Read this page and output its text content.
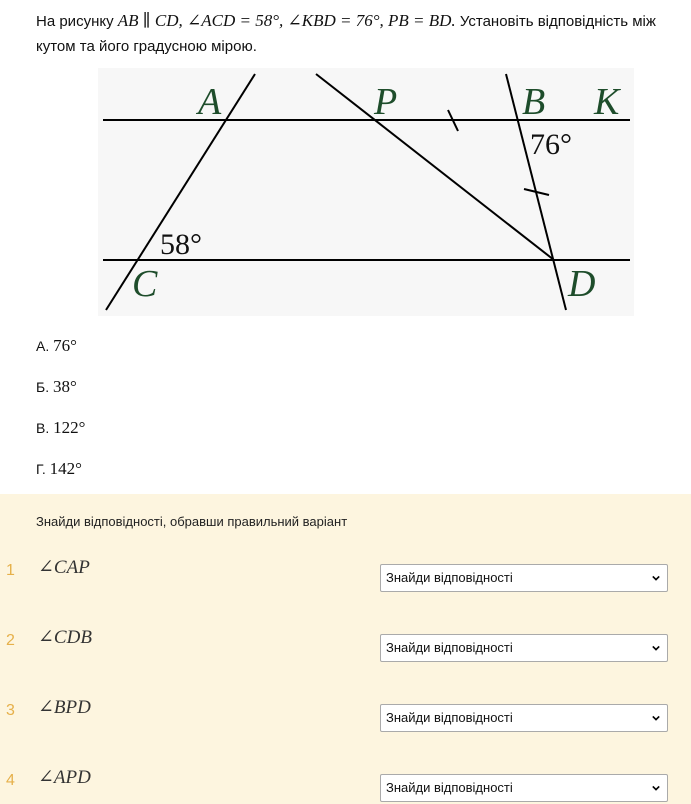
На рисунку AB ∥ CD, ∠ACD = 58°, ∠KBD = 76°, PB = BD. Установіть відповідність між кутом та його градусною мірою.
A	P	B K
C	D
76°
58°
А. 76°
Б. 38°
В. 122°
Г. 142°
Знайди відповідності, обравши правильний варіант
1 ∠CAP	Знайди відповідності
2 ∠CDB	Знайди відповідності
3 ∠BPD	Знайди відповідності
4 ∠APD	Знайди відповідності
